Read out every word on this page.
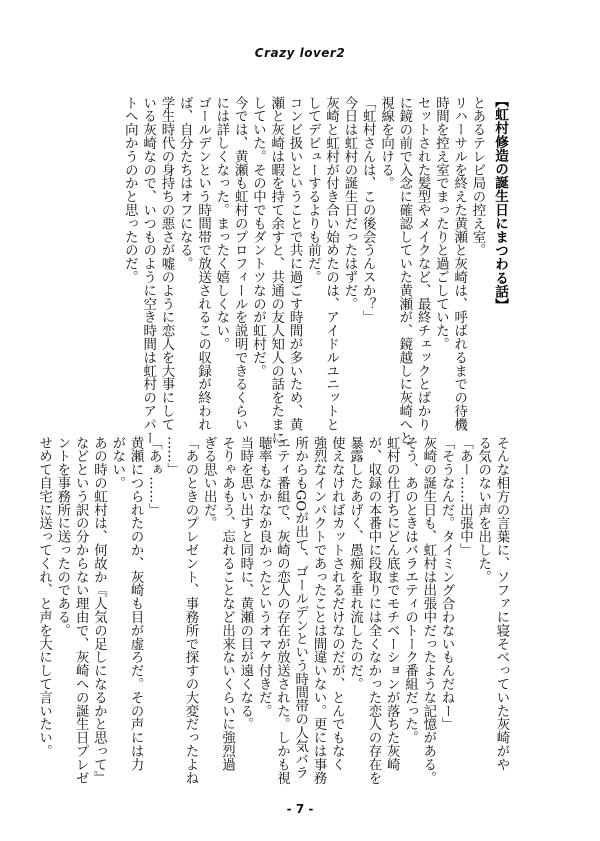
Crazy lover2
【虹村修造の誕生日にまつわる話】
とあるテレビ局の控え室。
リハーサルを終えた黄瀬と灰崎は、呼ばれるまでの待機
時間を控え室でまったりと過ごしていた。
セットされた髪型やメイクなど、最終チェックとばかり
に鏡の前で入念に確認していた黄瀬が、鏡越しに灰崎へと
視線を向ける。
「虹村さんは、この後会うんスか？」
今日は虹村の誕生日だったはずだ。
灰崎と虹村が付き合い始めたのは、アイドルユニットと
してデビューするよりも前だ。
コンビ扱いということで共に過ごす時間が多いため、黄
瀬と灰崎は暇を持て余すと、共通の友人知人の話をたまに
していた。その中でもダントツなのが虹村だ。
今では、黄瀬も虹村のプロフィールを説明できるくらい
には詳しくなった。まったく嬉しくない。
ゴールデンという時間帯で放送されるこの収録が終われ
ば、自分たちはオフになる。
学生時代の身持ちの悪さが嘘のように恋人を大事にして
いる灰崎なので、いつものように空き時間は虹村のアパー
トへ向かうのかと思ったのだ。
そんな相方の言葉に、ソファに寝そべっていた灰崎がや
る気のない声を出した。
「あー……出張中」
「そうなんだ。タイミング合わないもんだねー」
灰崎の誕生日も、虹村は出張中だったような記憶がある。
そう、あのときはバラエティのトーク番組だった。
虹村の仕打ちにどん底までモチベーションが落ちた灰崎
が、収録の本番中に段取りには全くなかった恋人の存在を
暴露したあげく、愚痴を垂れ流したのだ。
使えなければカットされるだけなのだが、とんでもなく
強烈なインパクトであったことは間違いない。更には事務
所からもGOが出て、ゴールデンという時間帯の人気バラ
エティ番組で、灰崎の恋人の存在が放送された。しかも視
聴率もなかなか良かったというオマケ付きだ。
当時を思い出すと同時に、黄瀬の目が遠くなる。
そりゃあもう、忘れることなど出来ないくらいに強烈過
ぎる思い出だ。
「あのときのプレゼント、事務所で探すの大変だったよね
……」
「あぁ……」
黄瀬につられたのか、灰崎も目が虚ろだ。その声には力
がない。
あの時の虹村は、何故か『人気の足しになるかと思って』
などという訳の分からない理由で、灰崎への誕生日プレゼ
ントを事務所に送ったのである。
せめて自宅に送ってくれ、と声を大にして言いたい。
- 7 -
